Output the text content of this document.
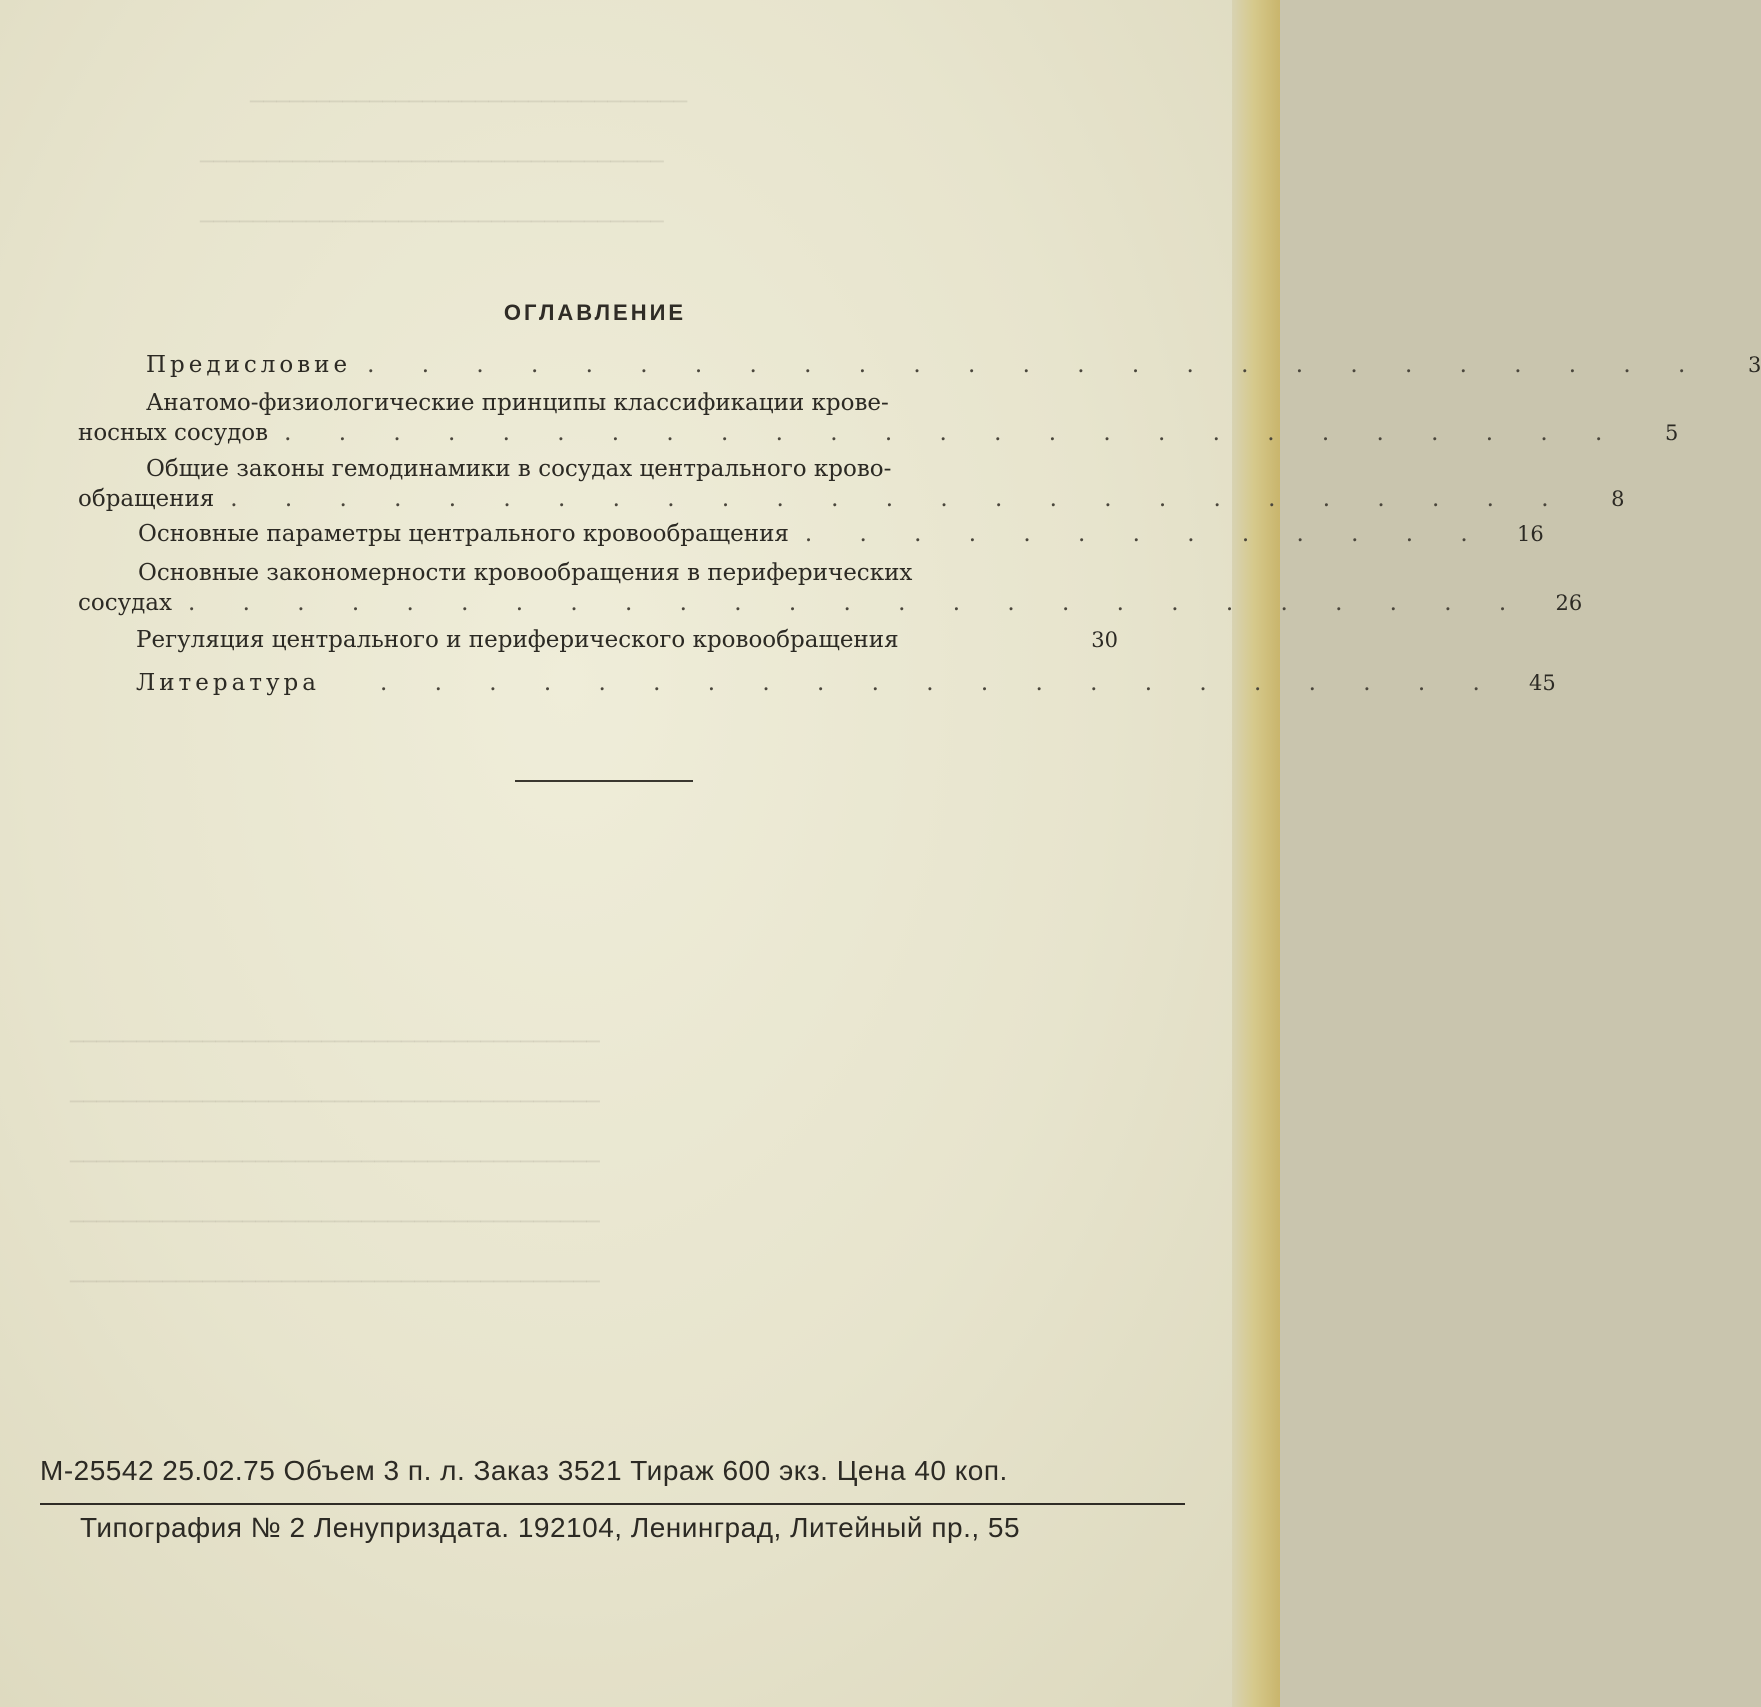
─────────────────────────────────
───────────────────────────────────
───────────────────────────────────
────────────────────────────────────────
────────────────────────────────────────
────────────────────────────────────────
────────────────────────────────────────
────────────────────────────────────────
ОГЛАВЛЕНИЕ
Предисловие . . . . . . . . . . . . . . . . . . . . . . . . .	3
Анатомо-физиологические принципы классификации крове-
носных сосудов . . . . . . . . . . . . . . . . . . . . . . . . .	5
Общие законы гемодинамики в сосудах центрального крово-
обращения . . . . . . . . . . . . . . . . . . . . . . . . .	8
Основные параметры центрального кровообращения . . . . . . . . . . . . .	16
Основные закономерности кровообращения в периферических
сосудах . . . . . . . . . . . . . . . . . . . . . . . . .	26
Регуляция центрального и периферического кровообращения	30
Литература	. . . . . . . . . . . . . . . . . . . . .	45
М-25542 25.02.75 Объем 3 п. л. Заказ 3521 Тираж 600 экз. Цена 40 коп.
Типография № 2 Ленуприздата. 192104, Ленинград, Литейный пр., 55
